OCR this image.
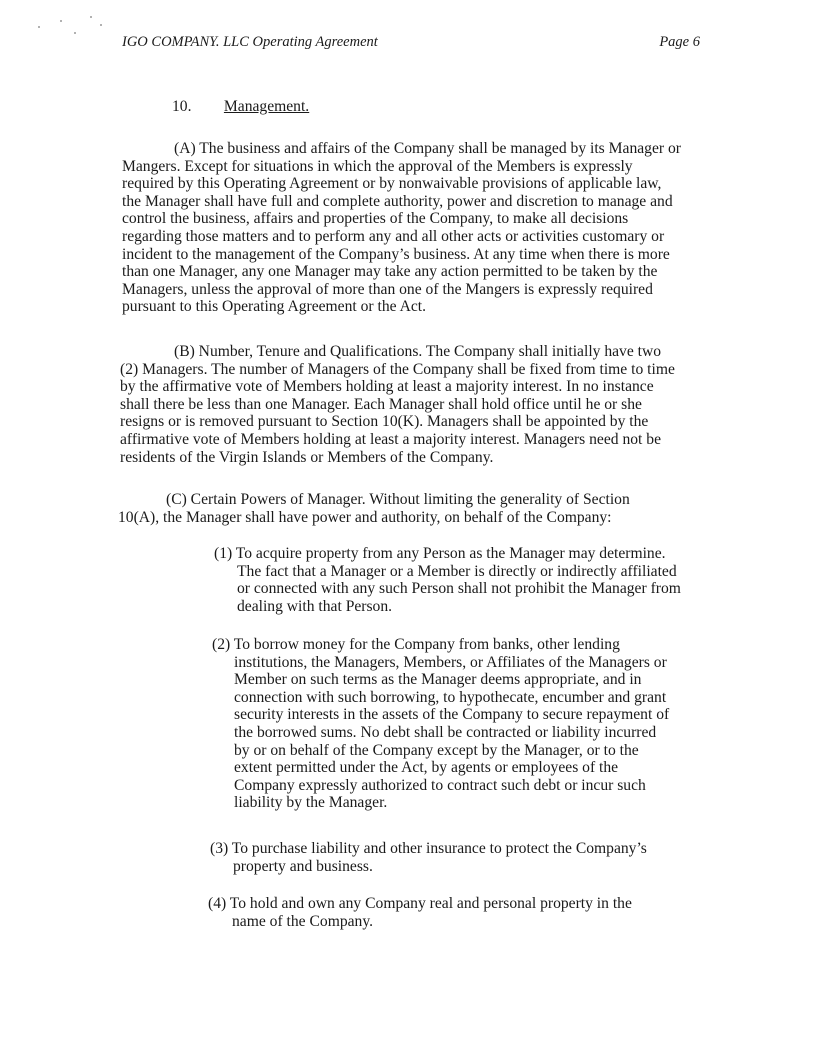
IGO COMPANY. LLC Operating Agreement	Page 6
10. Management.

(A) The business and affairs of the Company shall be managed by its Manager or
Mangers. Except for situations in which the approval of the Members is expressly
required by this Operating Agreement or by nonwaivable provisions of applicable law,
the Manager shall have full and complete authority, power and discretion to manage and
control the business, affairs and properties of the Company, to make all decisions
regarding those matters and to perform any and all other acts or activities customary or
incident to the management of the Company’s business. At any time when there is more
than one Manager, any one Manager may take any action permitted to be taken by the
Managers, unless the approval of more than one of the Mangers is expressly required
pursuant to this Operating Agreement or the Act.

(B) Number, Tenure and Qualifications. The Company shall initially have two
(2) Managers. The number of Managers of the Company shall be fixed from time to time
by the affirmative vote of Members holding at least a majority interest. In no instance
shall there be less than one Manager. Each Manager shall hold office until he or she
resigns or is removed pursuant to Section 10(K). Managers shall be appointed by the
affirmative vote of Members holding at least a majority interest. Managers need not be
residents of the Virgin Islands or Members of the Company.

(C) Certain Powers of Manager. Without limiting the generality of Section
10(A), the Manager shall have power and authority, on behalf of the Company:

(1) To acquire property from any Person as the Manager may determine.
The fact that a Manager or a Member is directly or indirectly affiliated
or connected with any such Person shall not prohibit the Manager from
dealing with that Person.

(2) To borrow money for the Company from banks, other lending
institutions, the Managers, Members, or Affiliates of the Managers or
Member on such terms as the Manager deems appropriate, and in
connection with such borrowing, to hypothecate, encumber and grant
security interests in the assets of the Company to secure repayment of
the borrowed sums. No debt shall be contracted or liability incurred
by or on behalf of the Company except by the Manager, or to the
extent permitted under the Act, by agents or employees of the
Company expressly authorized to contract such debt or incur such
liability by the Manager.

(3) To purchase liability and other insurance to protect the Company’s
property and business.

(4) To hold and own any Company real and personal property in the
name of the Company.
